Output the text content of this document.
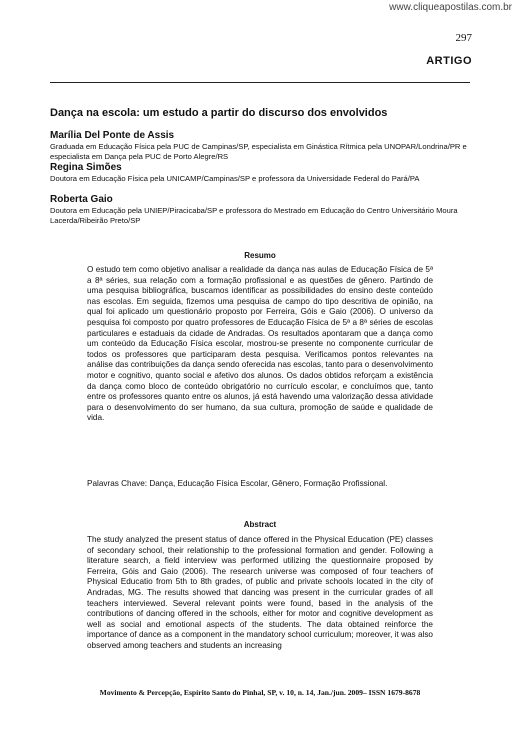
www.cliqueapostilas.com.br
297
ARTIGO
Dança na escola: um estudo a partir do discurso dos envolvidos
Marília Del Ponte de Assis
Graduada em Educação Física pela PUC de Campinas/SP, especialista em Ginástica Rítmica pela UNOPAR/Londrina/PR e especialista em Dança pela PUC de Porto Alegre/RS
Regina Simões
Doutora em Educação Física pela UNICAMP/Campinas/SP e professora da Universidade Federal do Pará/PA
Roberta Gaio
Doutora em Educação pela UNIEP/Piracicaba/SP e professora do Mestrado em Educação do Centro Universitário Moura Lacerda/Ribeirão Preto/SP
Resumo

O estudo tem como objetivo analisar a realidade da dança nas aulas de Educação Física de 5ª a 8ª séries, sua relação com a formação profissional e as questões de gênero. Partindo de uma pesquisa bibliográfica, buscamos identificar as possibilidades do ensino deste conteúdo nas escolas. Em seguida, fizemos uma pesquisa de campo do tipo descritiva de opinião, na qual foi aplicado um questionário proposto por Ferreira, Góis e Gaio (2006). O universo da pesquisa foi composto por quatro professores de Educação Física de 5ª a 8ª séries de escolas particulares e estaduais da cidade de Andradas. Os resultados apontaram que a dança como um conteúdo da Educação Física escolar, mostrou-se presente no componente curricular de todos os professores que participaram desta pesquisa. Verificamos pontos relevantes na análise das contribuições da dança sendo oferecida nas escolas, tanto para o desenvolvimento motor e cognitivo, quanto social e afetivo dos alunos. Os dados obtidos reforçam a existência da dança como bloco de conteúdo obrigatório no currículo escolar, e concluímos que, tanto entre os professores quanto entre os alunos, já está havendo uma valorização dessa atividade para o desenvolvimento do ser humano, da sua cultura, promoção de saúde e qualidade de vida.

Palavras Chave: Dança, Educação Física Escolar, Gênero, Formação Profissional.

Abstract

The study analyzed the present status of dance offered in the Physical Education (PE) classes of secondary school, their relationship to the professional formation and gender. Following a literature search, a field interview was performed utilizing the questionnaire proposed by Ferreira, Góis and Gaio (2006). The research universe was composed of four teachers of Physical Educatio from 5th to 8th grades, of public and private schools located in the city of Andradas, MG. The results showed that dancing was present in the curricular grades of all teachers interviewed. Several relevant points were found, based in the analysis of the contributions of dancing offered in the schools, either for motor and cognitive development as well as social and emotional aspects of the students. The data obtained reinforce the importance of dance as a component in the mandatory school curriculum; moreover, it was also observed among teachers and students an increasing

Movimento & Percepção, Espírito Santo do Pinhal, SP, v. 10, n. 14, Jan./jun. 2009– ISSN 1679-8678
